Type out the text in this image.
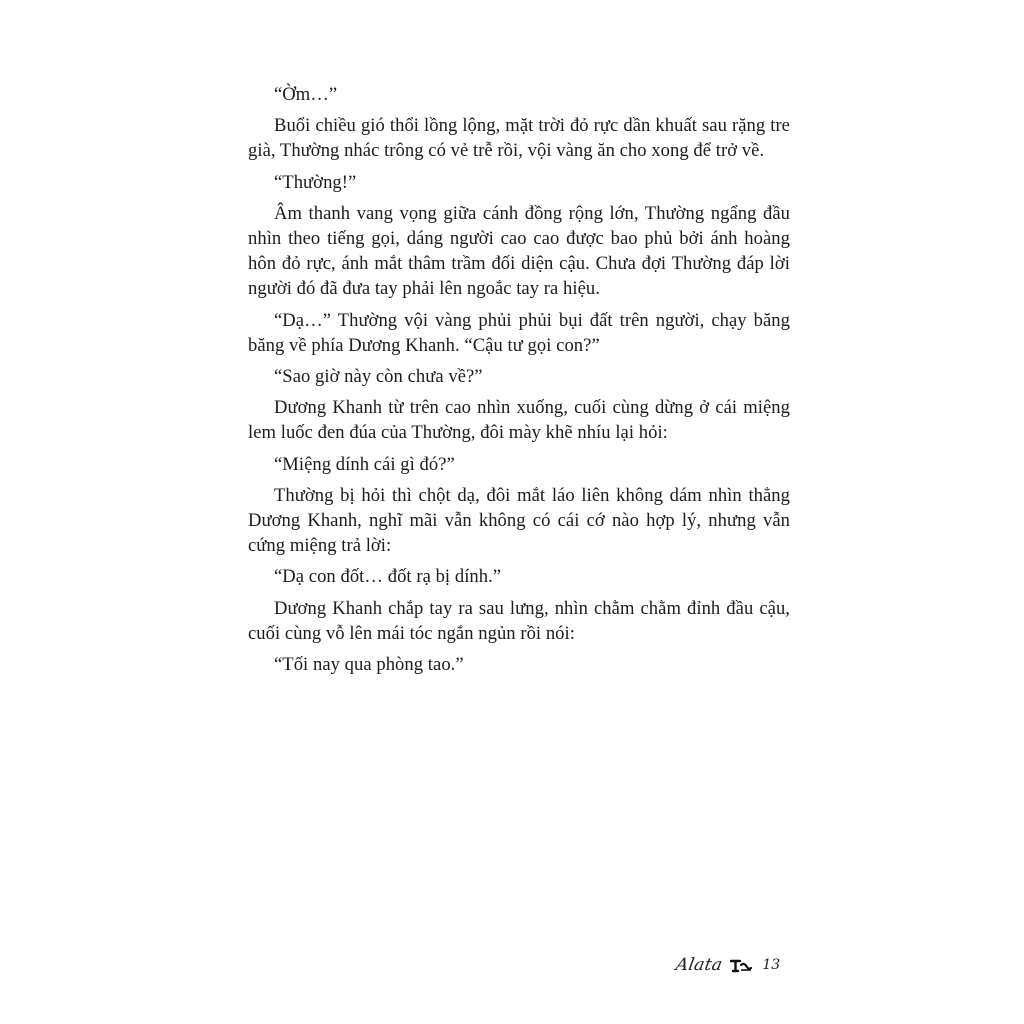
“Ờm…”

Buổi chiều gió thổi lồng lộng, mặt trời đỏ rực dần khuất sau rặng tre già, Thường nhác trông có vẻ trễ rồi, vội vàng ăn cho xong để trở về.

“Thường!”

Âm thanh vang vọng giữa cánh đồng rộng lớn, Thường ngẩng đầu nhìn theo tiếng gọi, dáng người cao cao được bao phủ bởi ánh hoàng hôn đỏ rực, ánh mắt thâm trầm đối diện cậu. Chưa đợi Thường đáp lời người đó đã đưa tay phải lên ngoắc tay ra hiệu.

“Dạ…” Thường vội vàng phủi phủi bụi đất trên người, chạy băng băng về phía Dương Khanh. “Cậu tư gọi con?”

“Sao giờ này còn chưa về?”

Dương Khanh từ trên cao nhìn xuống, cuối cùng dừng ở cái miệng lem luốc đen đúa của Thường, đôi mày khẽ nhíu lại hỏi:

“Miệng dính cái gì đó?”

Thường bị hỏi thì chột dạ, đôi mắt láo liên không dám nhìn thẳng Dương Khanh, nghĩ mãi vẫn không có cái cớ nào hợp lý, nhưng vẫn cứng miệng trả lời:

“Dạ con đốt… đốt rạ bị dính.”

Dương Khanh chắp tay ra sau lưng, nhìn chằm chằm đỉnh đầu cậu, cuối cùng vỗ lên mái tóc ngắn ngủn rồi nói:

“Tối nay qua phòng tao.”

Alata	13
